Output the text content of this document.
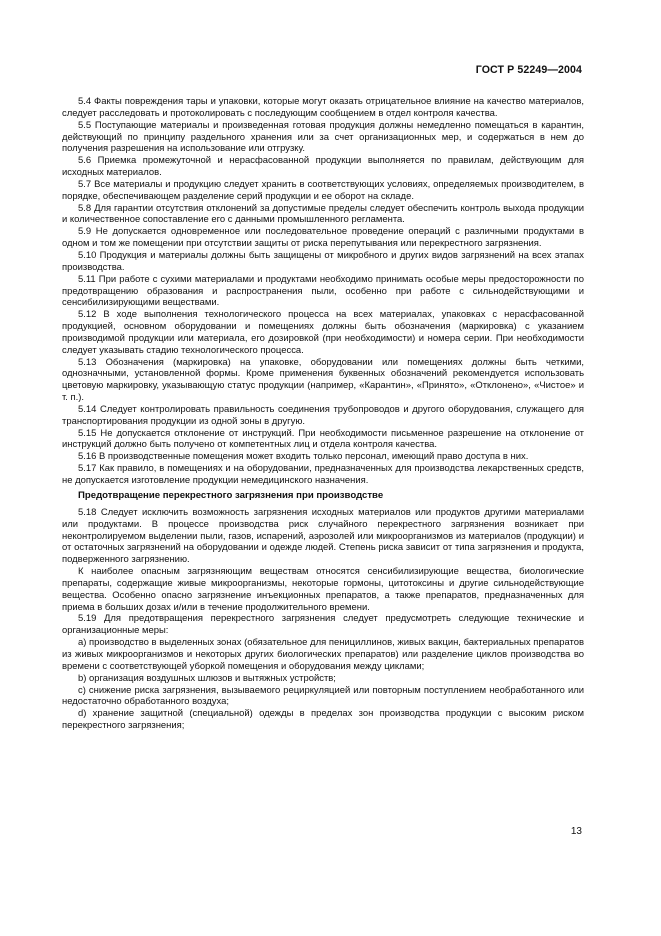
ГОСТ Р 52249—2004

5.4 Факты повреждения тары и упаковки, которые могут оказать отрицательное влияние на качество материалов, следует расследовать и протоколировать с последующим сообщением в отдел контроля качества.

5.5 Поступающие материалы и произведенная готовая продукция должны немедленно помещаться в карантин, действующий по принципу раздельного хранения или за счет организационных мер, и содержаться в нем до получения разрешения на использование или отгрузку.

5.6 Приемка промежуточной и нерасфасованной продукции выполняется по правилам, действующим для исходных материалов.

5.7 Все материалы и продукцию следует хранить в соответствующих условиях, определяемых производителем, в порядке, обеспечивающем разделение серий продукции и ее оборот на складе.

5.8 Для гарантии отсутствия отклонений за допустимые пределы следует обеспечить контроль выхода продукции и количественное сопоставление его с данными промышленного регламента.

5.9 Не допускается одновременное или последовательное проведение операций с различными продуктами в одном и том же помещении при отсутствии защиты от риска перепутывания или перекрестного загрязнения.

5.10 Продукция и материалы должны быть защищены от микробного и других видов загрязнений на всех этапах производства.

5.11 При работе с сухими материалами и продуктами необходимо принимать особые меры предосторожности по предотвращению образования и распространения пыли, особенно при работе с сильнодействующими и сенсибилизирующими веществами.

5.12 В ходе выполнения технологического процесса на всех материалах, упаковках с нерасфасованной продукцией, основном оборудовании и помещениях должны быть обозначения (маркировка) с указанием производимой продукции или материала, его дозировкой (при необходимости) и номера серии. При необходимости следует указывать стадию технологического процесса.

5.13 Обозначения (маркировка) на упаковке, оборудовании или помещениях должны быть четкими, однозначными, установленной формы. Кроме применения буквенных обозначений рекомендуется использовать цветовую маркировку, указывающую статус продукции (например, «Карантин», «Принято», «Отклонено», «Чистое» и т. п.).

5.14 Следует контролировать правильность соединения трубопроводов и другого оборудования, служащего для транспортирования продукции из одной зоны в другую.

5.15 Не допускается отклонение от инструкций. При необходимости письменное разрешение на отклонение от инструкций должно быть получено от компетентных лиц и отдела контроля качества.

5.16 В производственные помещения может входить только персонал, имеющий право доступа в них.

5.17 Как правило, в помещениях и на оборудовании, предназначенных для производства лекарственных средств, не допускается изготовление продукции немедицинского назначения.

Предотвращение перекрестного загрязнения при производстве

5.18 Следует исключить возможность загрязнения исходных материалов или продуктов другими материалами или продуктами. В процессе производства риск случайного перекрестного загрязнения возникает при неконтролируемом выделении пыли, газов, испарений, аэрозолей или микроорганизмов из материалов (продукции) и от остаточных загрязнений на оборудовании и одежде людей. Степень риска зависит от типа загрязнения и продукта, подверженного загрязнению.

К наиболее опасным загрязняющим веществам относятся сенсибилизирующие вещества, биологические препараты, содержащие живые микроорганизмы, некоторые гормоны, цитотоксины и другие сильнодействующие вещества. Особенно опасно загрязнение инъекционных препаратов, а также препаратов, предназначенных для приема в больших дозах и/или в течение продолжительного времени.

5.19 Для предотвращения перекрестного загрязнения следует предусмотреть следующие технические и организационные меры:

a) производство в выделенных зонах (обязательное для пенициллинов, живых вакцин, бактериальных препаратов из живых микроорганизмов и некоторых других биологических препаратов) или разделение циклов производства во времени с соответствующей уборкой помещения и оборудования между циклами;

b) организация воздушных шлюзов и вытяжных устройств;

c) снижение риска загрязнения, вызываемого рециркуляцией или повторным поступлением необработанного или недостаточно обработанного воздуха;

d) хранение защитной (специальной) одежды в пределах зон производства продукции с высоким риском перекрестного загрязнения;

13
